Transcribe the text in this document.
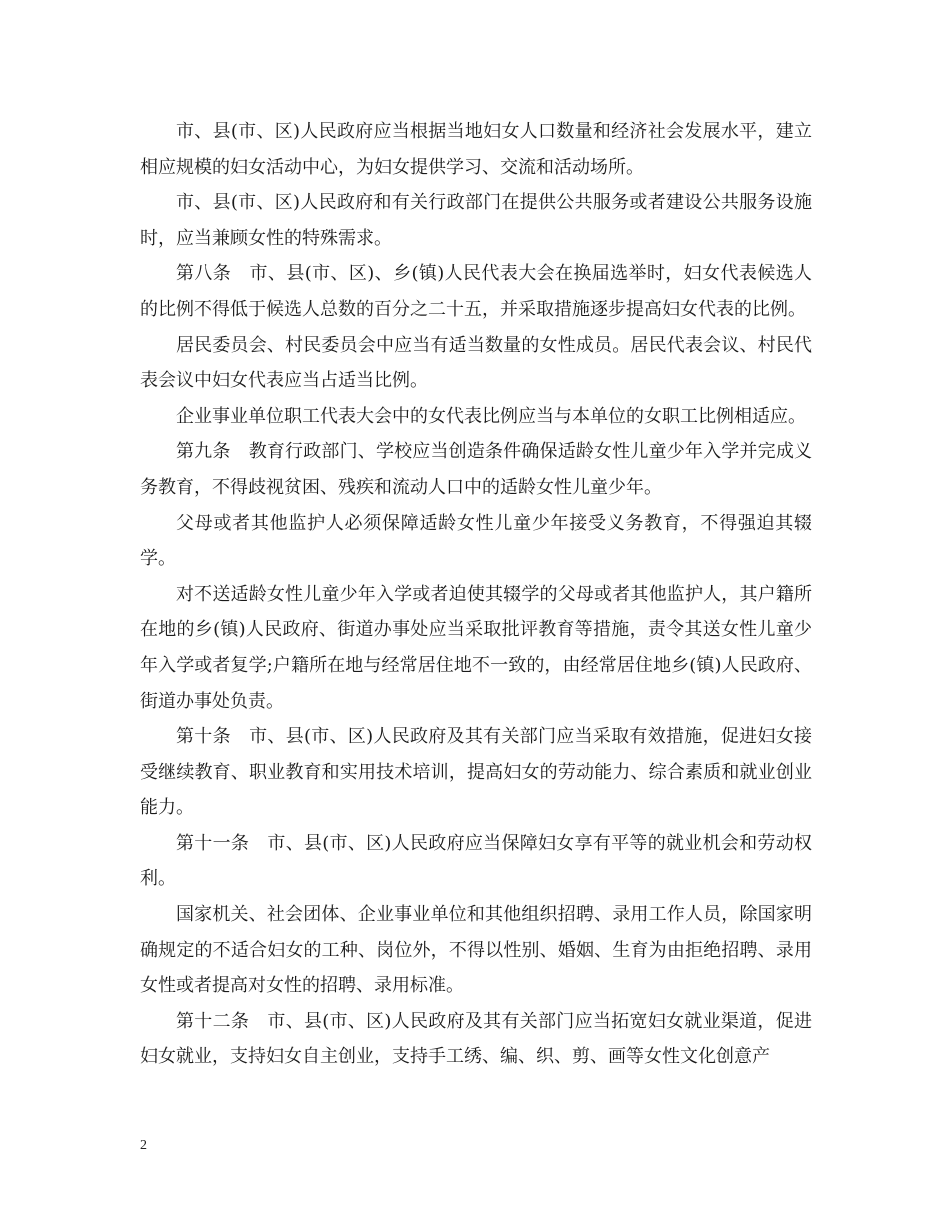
市、县(市、区)人民政府应当根据当地妇女人口数量和经济社会发展水平，建立相应规模的妇女活动中心，为妇女提供学习、交流和活动场所。

市、县(市、区)人民政府和有关行政部门在提供公共服务或者建设公共服务设施时，应当兼顾女性的特殊需求。

第八条　市、县(市、区)、乡(镇)人民代表大会在换届选举时，妇女代表候选人的比例不得低于候选人总数的百分之二十五，并采取措施逐步提高妇女代表的比例。

居民委员会、村民委员会中应当有适当数量的女性成员。居民代表会议、村民代表会议中妇女代表应当占适当比例。

企业事业单位职工代表大会中的女代表比例应当与本单位的女职工比例相适应。

第九条　教育行政部门、学校应当创造条件确保适龄女性儿童少年入学并完成义务教育，不得歧视贫困、残疾和流动人口中的适龄女性儿童少年。

父母或者其他监护人必须保障适龄女性儿童少年接受义务教育，不得强迫其辍学。

对不送适龄女性儿童少年入学或者迫使其辍学的父母或者其他监护人，其户籍所在地的乡(镇)人民政府、街道办事处应当采取批评教育等措施，责令其送女性儿童少年入学或者复学;户籍所在地与经常居住地不一致的，由经常居住地乡(镇)人民政府、街道办事处负责。

第十条　市、县(市、区)人民政府及其有关部门应当采取有效措施，促进妇女接受继续教育、职业教育和实用技术培训，提高妇女的劳动能力、综合素质和就业创业能力。

第十一条　市、县(市、区)人民政府应当保障妇女享有平等的就业机会和劳动权利。

国家机关、社会团体、企业事业单位和其他组织招聘、录用工作人员，除国家明确规定的不适合妇女的工种、岗位外，不得以性别、婚姻、生育为由拒绝招聘、录用女性或者提高对女性的招聘、录用标准。

第十二条　市、县(市、区)人民政府及其有关部门应当拓宽妇女就业渠道，促进妇女就业，支持妇女自主创业，支持手工绣、编、织、剪、画等女性文化创意产

2
